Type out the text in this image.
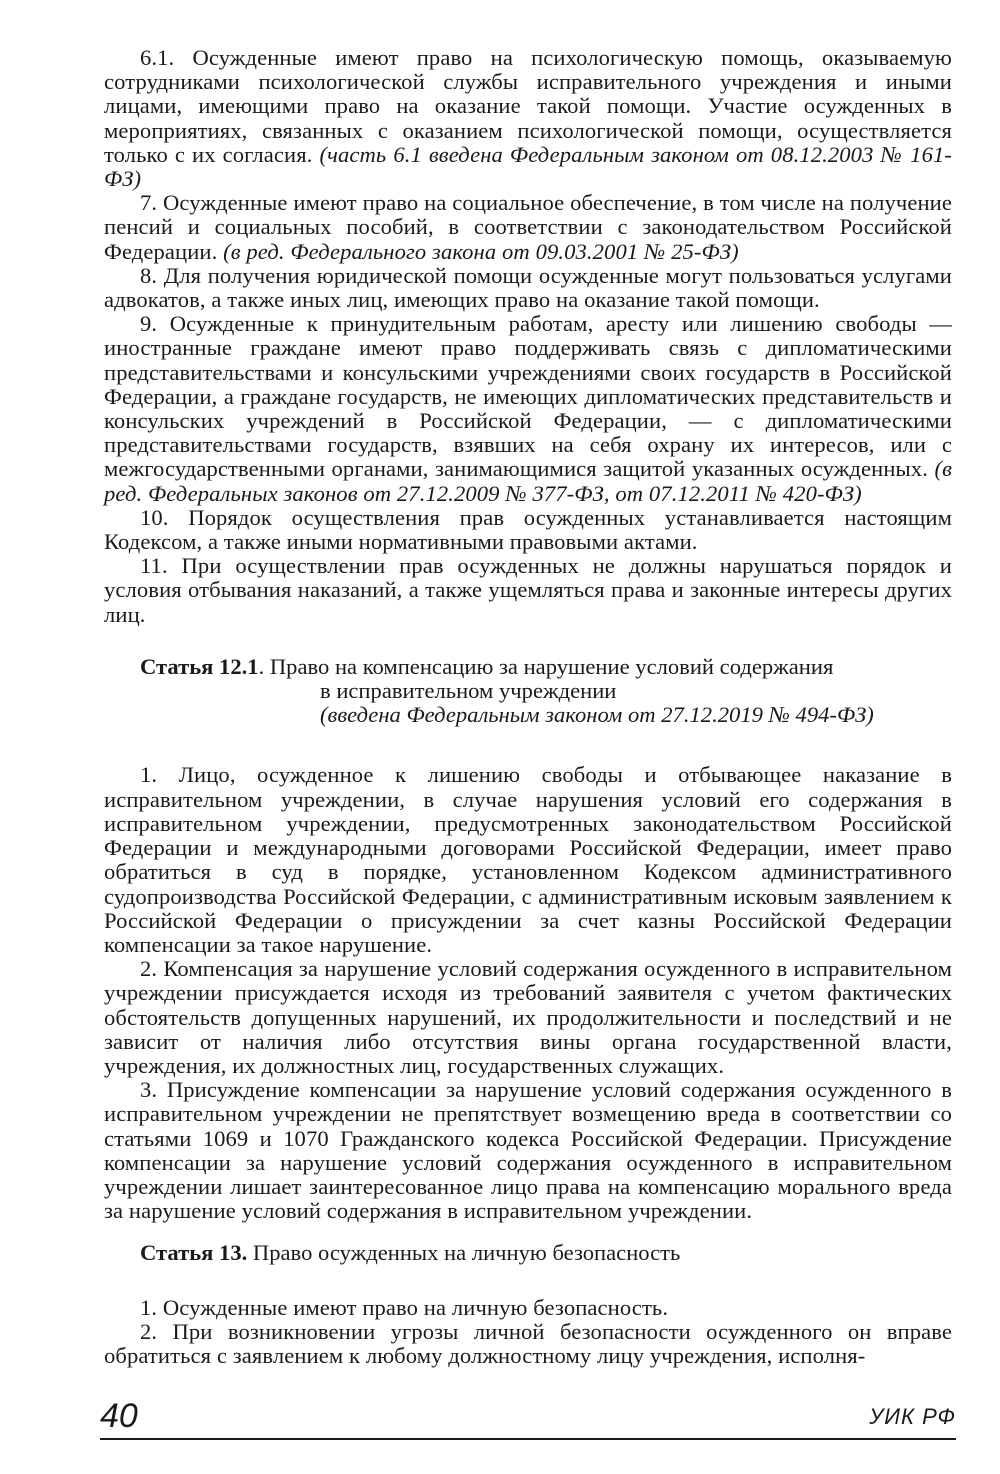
6.1. Осужденные имеют право на психологическую помощь, оказываемую сотрудниками психологической службы исправительного учреждения и иными лицами, имеющими право на оказание такой помощи. Участие осужденных в мероприятиях, связанных с оказанием психологической помощи, осуществляется только с их согласия. (часть 6.1 введена Федеральным законом от 08.12.2003 № 161-ФЗ)

7. Осужденные имеют право на социальное обеспечение, в том числе на получение пенсий и социальных пособий, в соответствии с законодательством Российской Федерации. (в ред. Федерального закона от 09.03.2001 № 25-ФЗ)

8. Для получения юридической помощи осужденные могут пользоваться услугами адвокатов, а также иных лиц, имеющих право на оказание такой помощи.

9. Осужденные к принудительным работам, аресту или лишению свободы — иностранные граждане имеют право поддерживать связь с дипломатическими представительствами и консульскими учреждениями своих государств в Российской Федерации, а граждане государств, не имеющих дипломатических представительств и консульских учреждений в Российской Федерации, — с дипломатическими представительствами государств, взявших на себя охрану их интересов, или с межгосударственными органами, занимающимися защитой указанных осужденных. (в ред. Федеральных законов от 27.12.2009 № 377-ФЗ, от 07.12.2011 № 420-ФЗ)

10. Порядок осуществления прав осужденных устанавливается настоящим Кодексом, а также иными нормативными правовыми актами.

11. При осуществлении прав осужденных не должны нарушаться порядок и условия отбывания наказаний, а также ущемляться права и законные интересы других лиц.

Статья 12.1. Право на компенсацию за нарушение условий содержания
в исправительном учреждении
(введена Федеральным законом от 27.12.2019 № 494-ФЗ)

1. Лицо, осужденное к лишению свободы и отбывающее наказание в исправительном учреждении, в случае нарушения условий его содержания в исправительном учреждении, предусмотренных законодательством Российской Федерации и международными договорами Российской Федерации, имеет право обратиться в суд в порядке, установленном Кодексом административного судопроизводства Российской Федерации, с административным исковым заявлением к Российской Федерации о присуждении за счет казны Российской Федерации компенсации за такое нарушение.

2. Компенсация за нарушение условий содержания осужденного в исправительном учреждении присуждается исходя из требований заявителя с учетом фактических обстоятельств допущенных нарушений, их продолжительности и последствий и не зависит от наличия либо отсутствия вины органа государственной власти, учреждения, их должностных лиц, государственных служащих.

3. Присуждение компенсации за нарушение условий содержания осужденного в исправительном учреждении не препятствует возмещению вреда в соответствии со статьями 1069 и 1070 Гражданского кодекса Российской Федерации. Присуждение компенсации за нарушение условий содержания осужденного в исправительном учреждении лишает заинтересованное лицо права на компенсацию морального вреда за нарушение условий содержания в исправительном учреждении.

Статья 13. Право осужденных на личную безопасность

1. Осужденные имеют право на личную безопасность.

2. При возникновении угрозы личной безопасности осужденного он вправе обратиться с заявлением к любому должностному лицу учреждения, исполня-

40	УИК РФ
